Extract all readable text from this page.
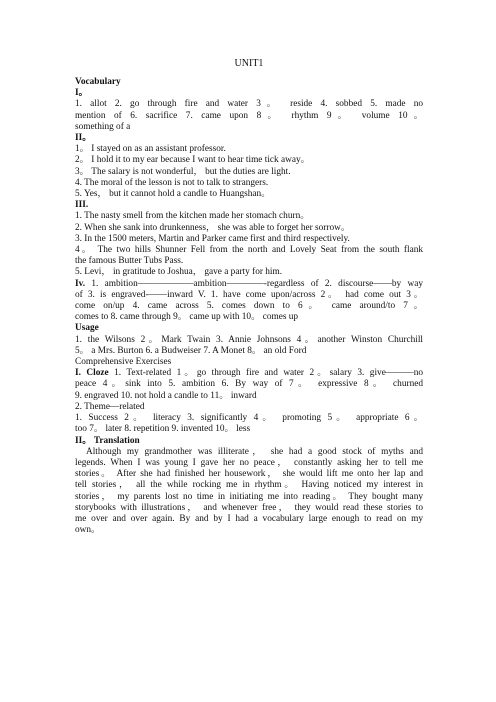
UNIT1

Vocabulary

I。

1. allot 2. go through fire and water 3。 reside 4. sobbed 5. made no

mention of 6. sacrifice 7. came upon 8。 rhythm 9。 volume 10。

something of a

II。

1。 I stayed on as an assistant professor.

2。 I hold it to my ear because I want to hear time tick away。

3。 The salary is not wonderful， but the duties are light.

4. The moral of the lesson is not to talk to strangers.

5. Yes， but it cannot hold a candle to Huangshan。

III.

1. The nasty smell from the kitchen made her stomach churn。

2. When she sank into drunkenness， she was able to forget her sorrow。

3. In the 1500 meters, Martin and Parker came first and third respectively.

4。 The two hills Shunner Fell from the north and Lovely Seat from the south flank

the famous Butter Tubs Pass.

5. Levi， in gratitude to Joshua， gave a party for him.

Iv. 1. ambition——————ambition————-regardless of 2. discourse——by way

of 3. is engraved-——inward V. 1. have come upon/across 2。 had come out 3。

come on/up 4. came across 5. comes down to 6。 came around/to 7。

comes to 8. came through 9。 came up with 10。 comes up

Usage

1. the Wilsons 2。Mark Twain 3. Annie Johnsons 4。another Winston Churchill

5。 a Mrs. Burton 6. a Budweiser 7. A Monet 8。 an old Ford

Comprehensive Exercises

I. Cloze 1. Text-related 1。go through fire and water 2。salary 3. give———no

peace 4。sink into 5. ambition 6. By way of 7。 expressive 8。 churned

9. engraved 10. not hold a candle to 11。 inward

2. Theme—related

1. Success 2。 literacy 3. significantly 4。 promoting 5。 appropriate 6。

too 7。 later 8. repetition 9. invented 10。 less

II。 Translation

Although my grandmother was illiterate， she had a good stock of myths and

legends. When I was young I gave her no peace， constantly asking her to tell me

stories。 After she had finished her housework， she would lift me onto her lap and

tell stories， all the while rocking me in rhythm。 Having noticed my interest in

stories， my parents lost no time in initiating me into reading。 They bought many

storybooks with illustrations， and whenever free， they would read these stories to

me over and over again. By and by I had a vocabulary large enough to read on my

own。
